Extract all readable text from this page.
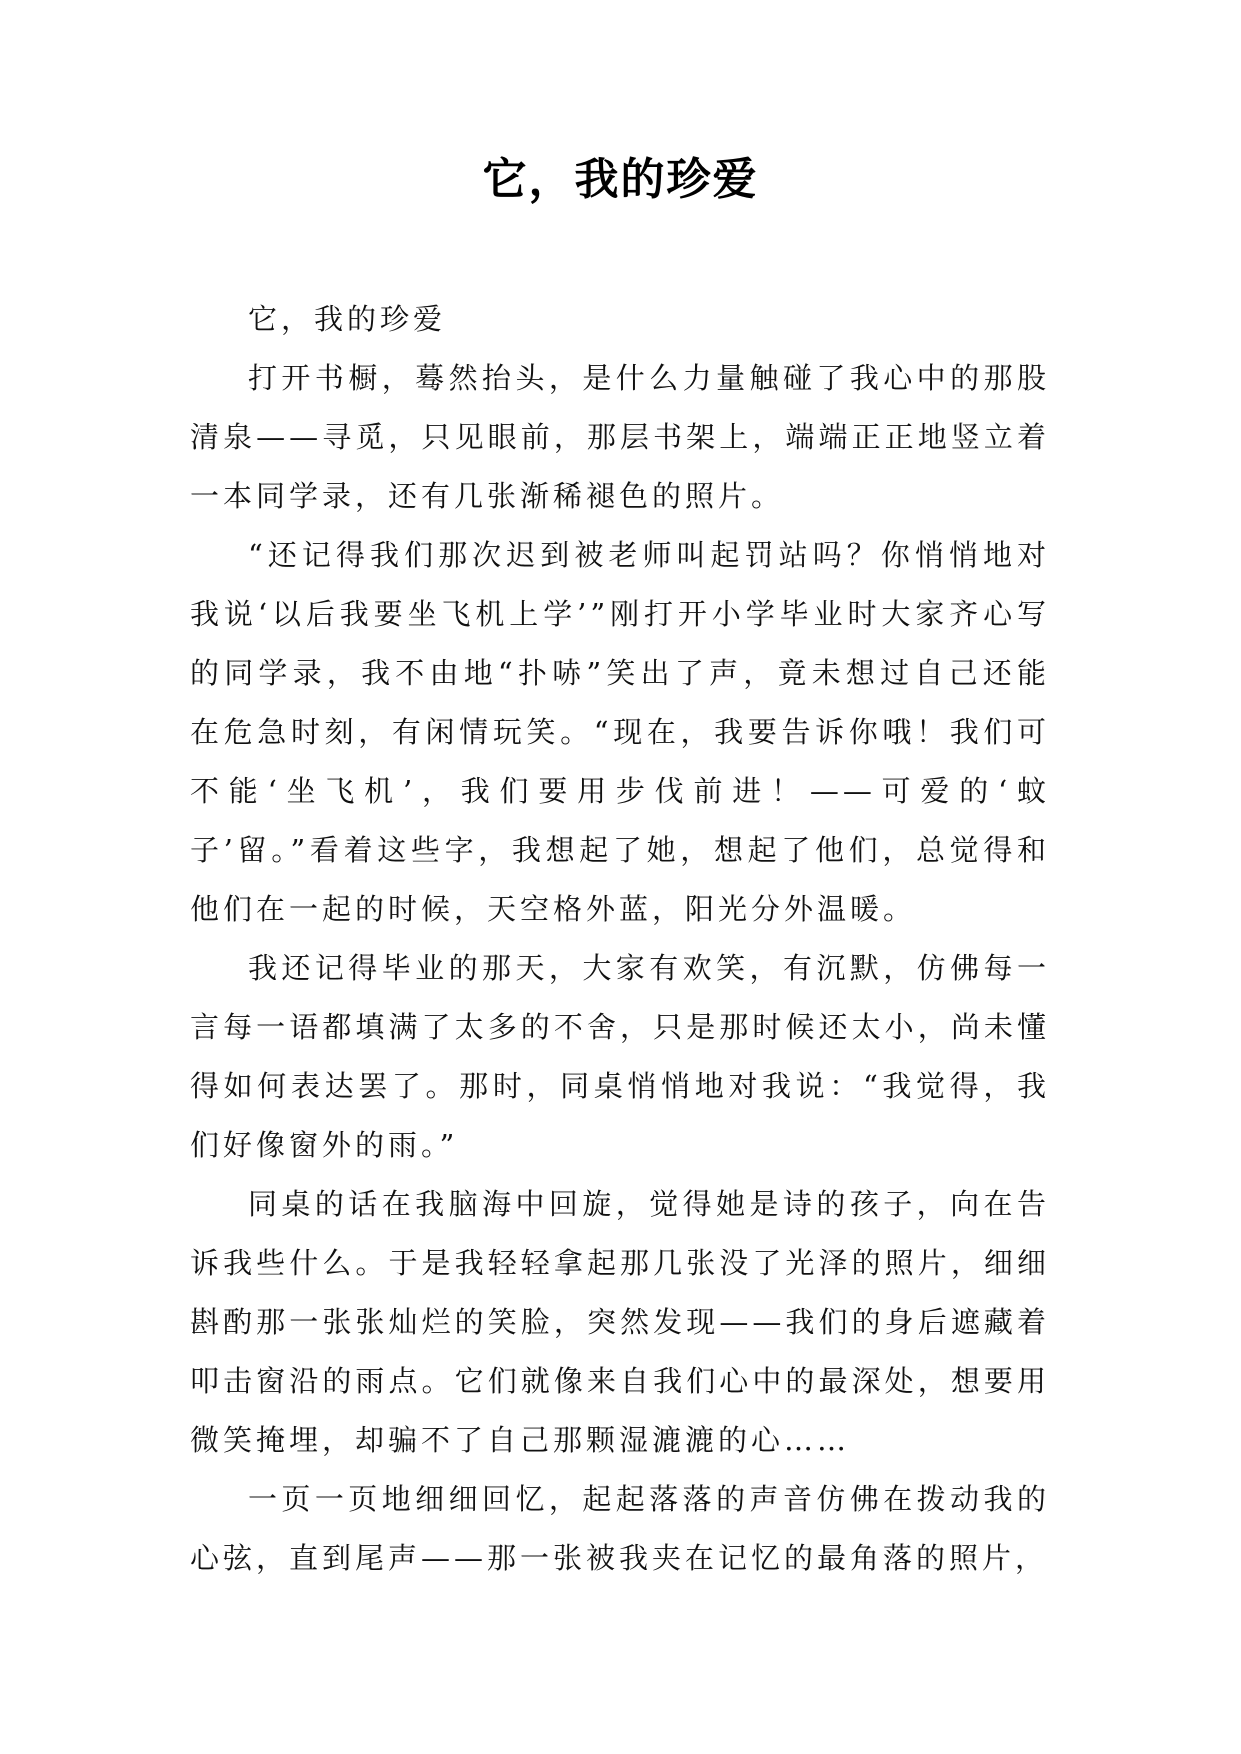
它，我的珍爱

它，我的珍爱

打开书橱，蓦然抬头，是什么力量触碰了我心中的那股清泉——寻觅，只见眼前，那层书架上，端端正正地竖立着一本同学录，还有几张渐稀褪色的照片。

“还记得我们那次迟到被老师叫起罚站吗？你悄悄地对我说‘以后我要坐飞机上学’”刚打开小学毕业时大家齐心写的同学录，我不由地“扑哧”笑出了声，竟未想过自己还能在危急时刻，有闲情玩笑。“现在，我要告诉你哦！我们可不能‘坐飞机’，我们要用步伐前进！——可爱的‘蚊子’留。”看着这些字，我想起了她，想起了他们，总觉得和他们在一起的时候，天空格外蓝，阳光分外温暖。

我还记得毕业的那天，大家有欢笑，有沉默，仿佛每一言每一语都填满了太多的不舍，只是那时候还太小，尚未懂得如何表达罢了。那时，同桌悄悄地对我说：“我觉得，我们好像窗外的雨。”

同桌的话在我脑海中回旋，觉得她是诗的孩子，向在告诉我些什么。于是我轻轻拿起那几张没了光泽的照片，细细斟酌那一张张灿烂的笑脸，突然发现——我们的身后遮藏着叩击窗沿的雨点。它们就像来自我们心中的最深处，想要用微笑掩埋，却骗不了自己那颗湿漉漉的心……

一页一页地细细回忆，起起落落的声音仿佛在拨动我的心弦，直到尾声——那一张被我夹在记忆的最角落的照片，
